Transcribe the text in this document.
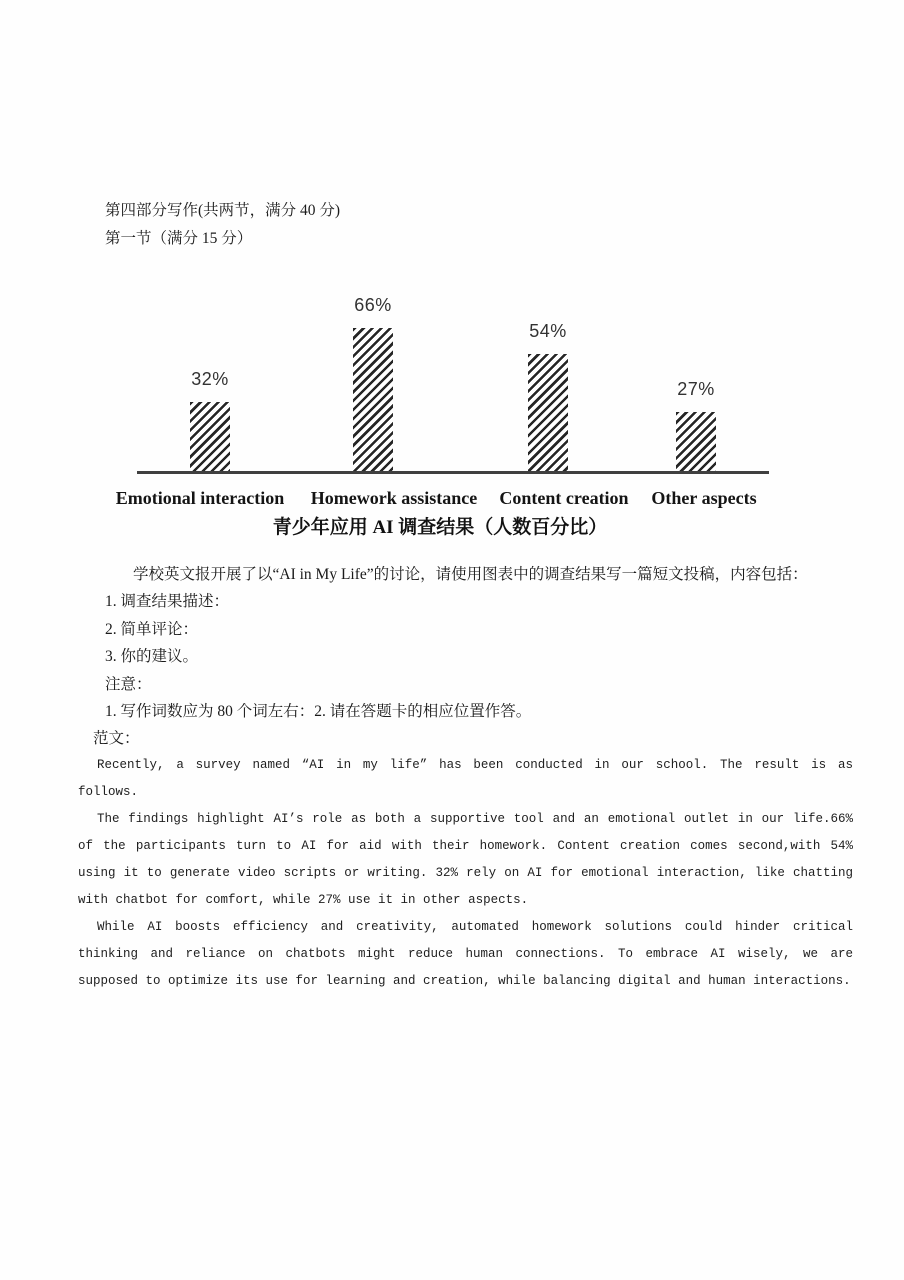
第四部分写作(共两节，满分 40 分)
第一节（满分 15 分）
32%
66%
54%
27%
Emotional interaction Homework assistance Content creation Other aspects
青少年应用 AI 调查结果（人数百分比）

学校英文报开展了以“AI in My Life”的讨论，请使用图表中的调查结果写一篇短文投稿，内容包括：

1. 调查结果描述：

2. 简单评论：

3. 你的建议。

注意：

1. 写作词数应为 80 个词左右：2. 请在答题卡的相应位置作答。

范文：

Recently, a survey named “AI in my life” has been conducted in our school. The result is as
follows.
The findings highlight AI’s role as both a supportive tool and an emotional outlet in our life.66%
of the participants turn to AI for aid with their homework. Content creation comes second,with 54%
using it to generate video scripts or writing. 32% rely on AI for emotional interaction, like chatting
with chatbot for comfort, while 27% use it in other aspects.
While AI boosts efficiency and creativity, automated homework solutions could hinder critical
thinking and reliance on chatbots might reduce human connections. To embrace AI wisely, we are
supposed to optimize its use for learning and creation, while balancing digital and human interactions.
